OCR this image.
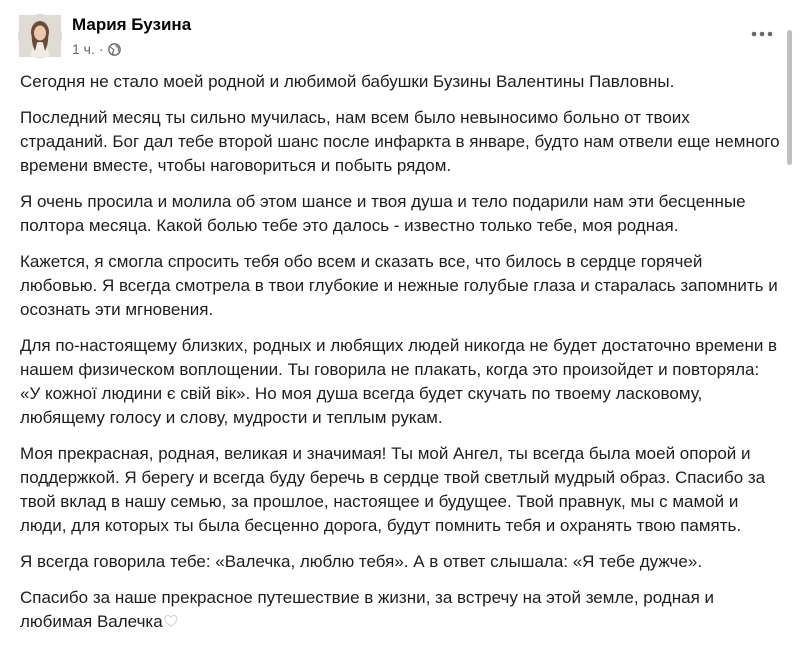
Мария Бузина
1 ч. ·

Сегодня не стало моей родной и любимой бабушки Бузины Валентины Павловны.

Последний месяц ты сильно мучилась, нам всем было невыносимо больно от твоих страданий. Бог дал тебе второй шанс после инфаркта в январе, будто нам отвели еще немного времени вместе, чтобы наговориться и побыть рядом.

Я очень просила и молила об этом шансе и твоя душа и тело подарили нам эти бесценные полтора месяца. Какой болью тебе это далось - известно только тебе, моя родная.

Кажется, я смогла спросить тебя обо всем и сказать все, что билось в сердце горячей любовью. Я всегда смотрела в твои глубокие и нежные голубые глаза и старалась запомнить и осознать эти мгновения.

Для по-настоящему близких, родных и любящих людей никогда не будет достаточно времени в нашем физическом воплощении. Ты говорила не плакать, когда это произойдет и повторяла: «У кожної людини є свій вік». Но моя душа всегда будет скучать по твоему ласковому, любящему голосу и слову, мудрости и теплым рукам.

Моя прекрасная, родная, великая и значимая! Ты мой Ангел, ты всегда была моей опорой и поддержкой. Я берегу и всегда буду беречь в сердце твой светлый мудрый образ. Спасибо за твой вклад в нашу семью, за прошлое, настоящее и будущее. Твой правнук, мы с мамой и люди, для которых ты была бесценно дорога, будут помнить тебя и охранять твою память.

Я всегда говорила тебе: «Валечка, люблю тебя». А в ответ слышала: «Я тебе дужче».

Спасибо за наше прекрасное путешествие в жизни, за встречу на этой земле, родная и любимая Валечка
